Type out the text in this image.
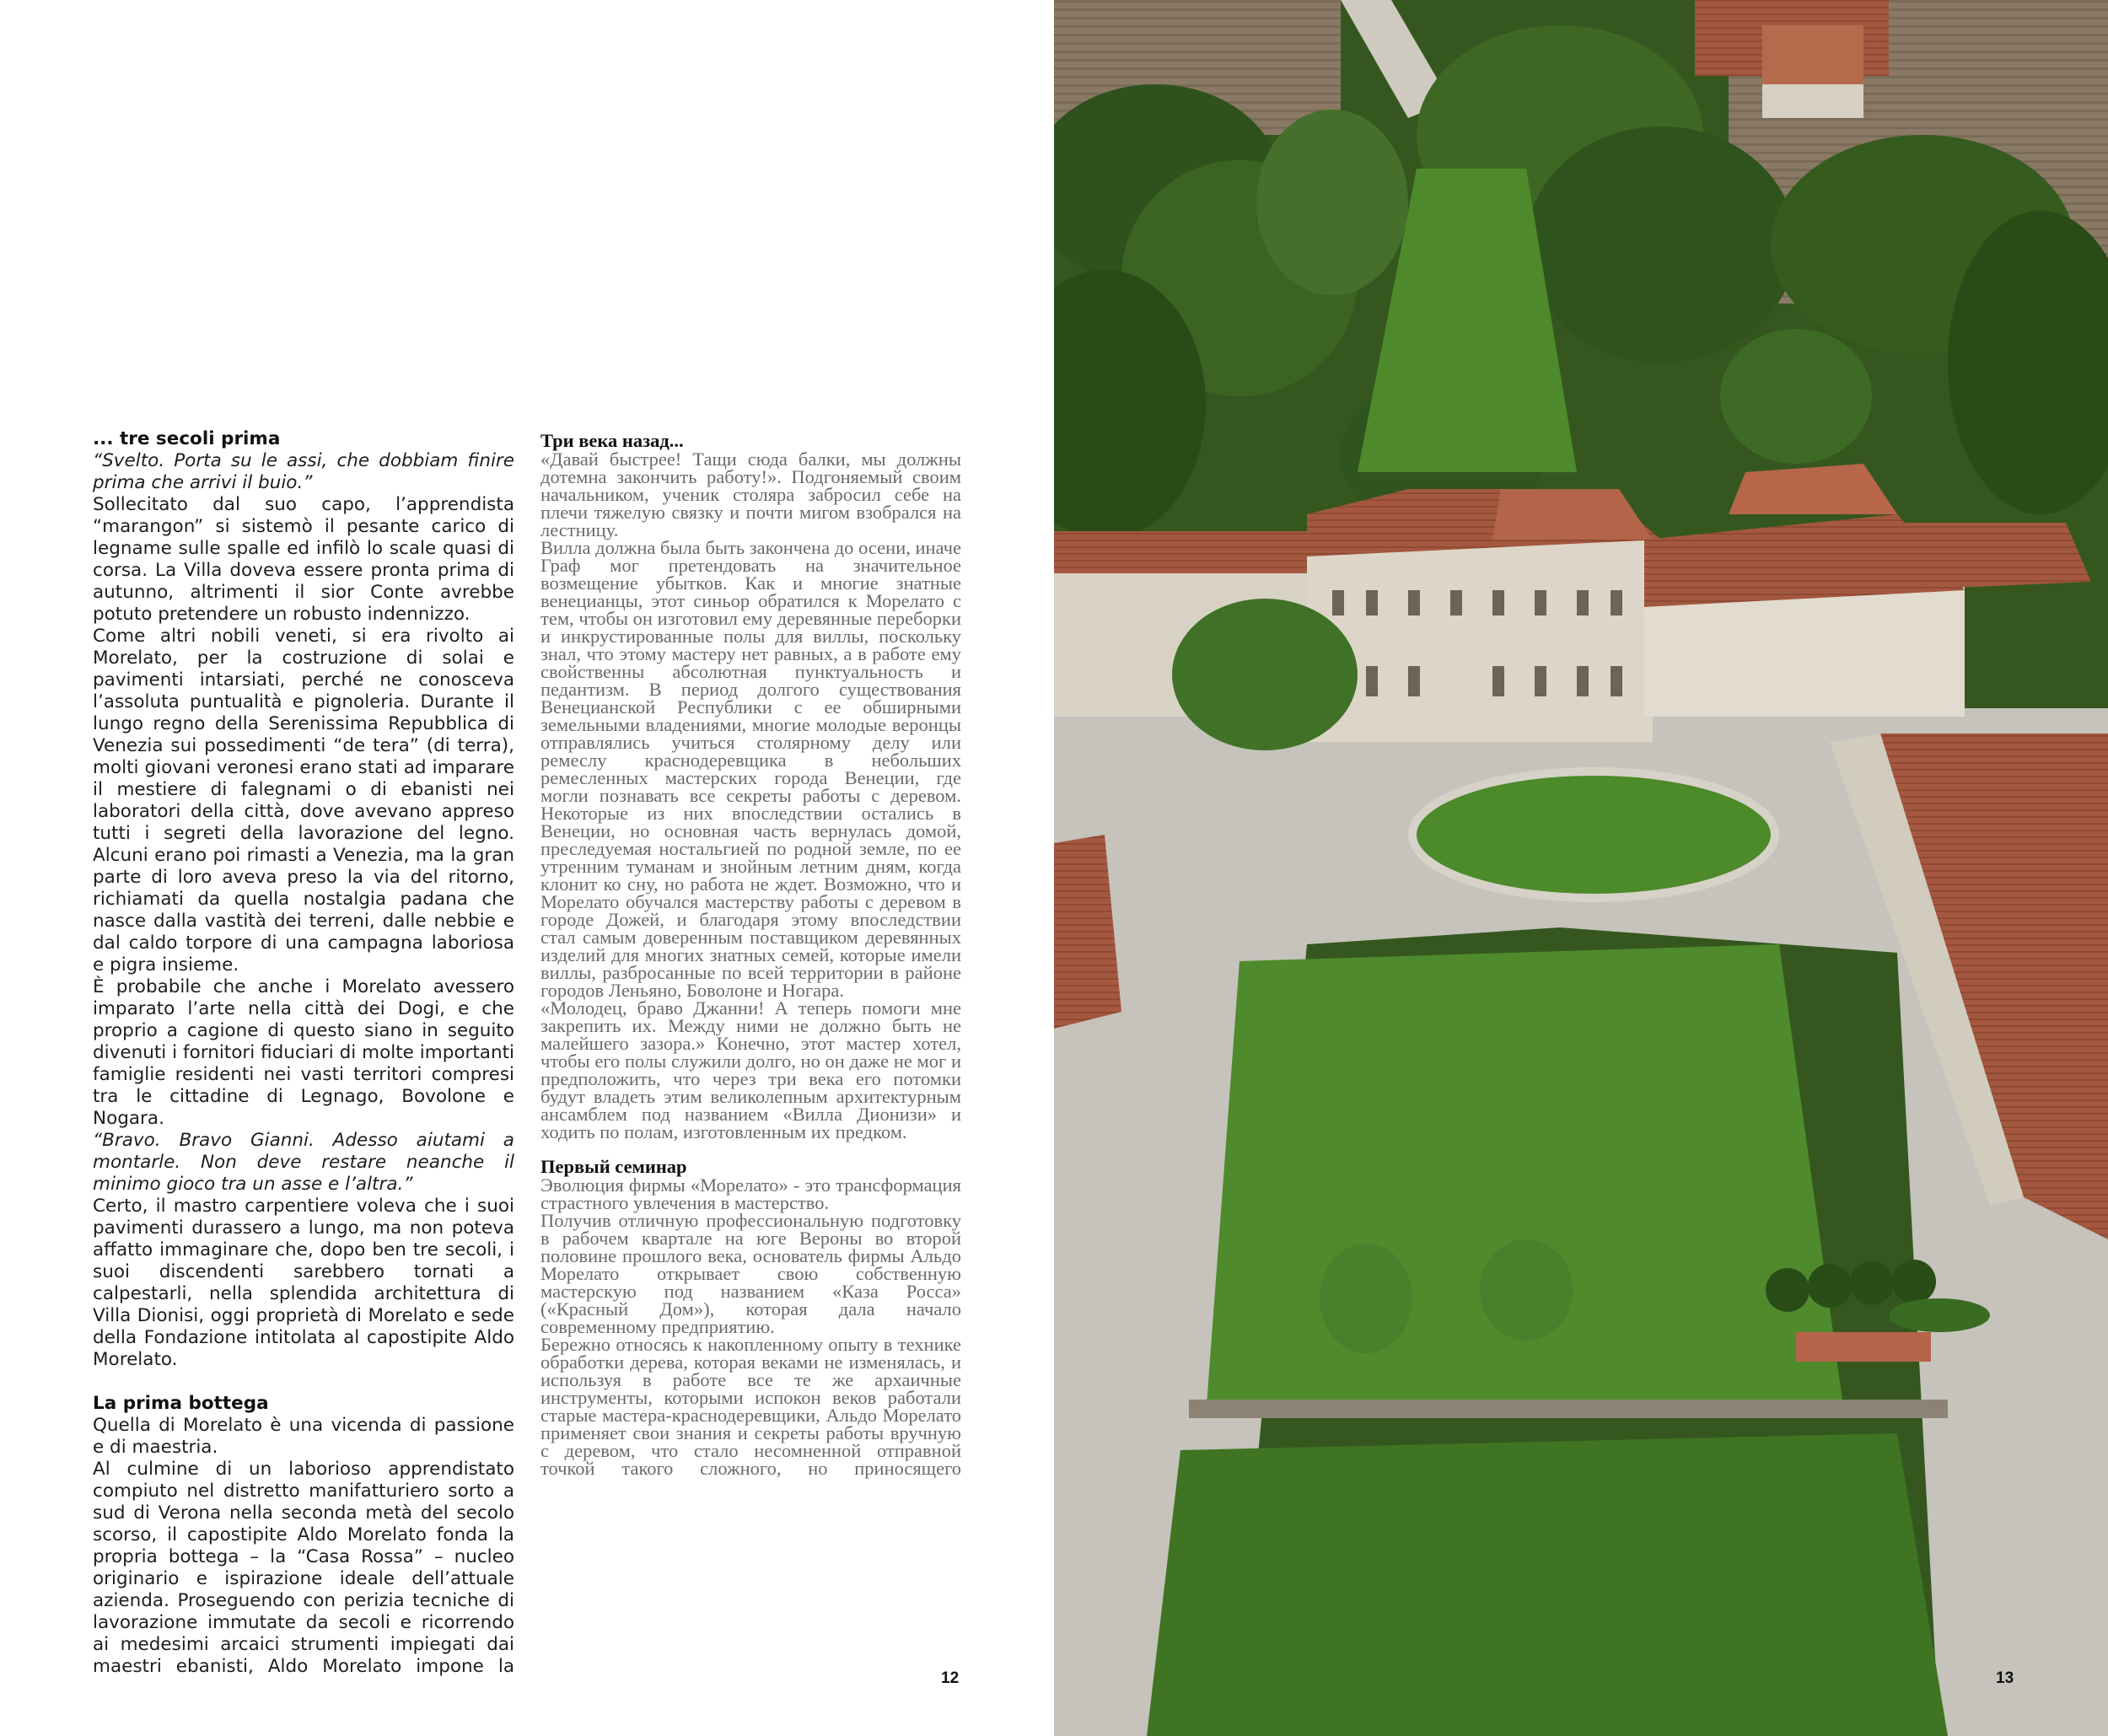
... tre secoli prima

“Svelto. Porta su le assi, che dobbiam finire prima che arrivi il buio.”

Sollecitato dal suo capo, l’apprendista “marangon” si sistemò il pesante carico di legname sulle spalle ed infilò lo scale quasi di corsa. La Villa doveva essere pronta prima di autunno, altrimenti il sior Conte avrebbe potuto pretendere un robusto indennizzo.

Come altri nobili veneti, si era rivolto ai Morelato, per la costruzione di solai e pavimenti intarsiati, perché ne conosceva l’assoluta puntualità e pignoleria. Durante il lungo regno della Serenissima Repubblica di Venezia sui possedimenti “de tera” (di terra), molti giovani veronesi erano stati ad imparare il mestiere di falegnami o di ebanisti nei laboratori della città, dove avevano appreso tutti i segreti della lavorazione del legno. Alcuni erano poi rimasti a Venezia, ma la gran parte di loro aveva preso la via del ritorno, richiamati da quella nostalgia padana che nasce dalla vastità dei terreni, dalle nebbie e dal caldo torpore di una campagna laboriosa e pigra insieme.

È probabile che anche i Morelato avessero imparato l’arte nella città dei Dogi, e che proprio a cagione di questo siano in seguito divenuti i fornitori fiduciari di molte importanti famiglie residenti nei vasti territori compresi tra le cittadine di Legnago, Bovolone e Nogara.

“Bravo. Bravo Gianni. Adesso aiutami a montarle. Non deve restare neanche il minimo gioco tra un asse e l’altra.”

Certo, il mastro carpentiere voleva che i suoi pavimenti durassero a lungo, ma non poteva affatto immaginare che, dopo ben tre secoli, i suoi discendenti sarebbero tornati a calpestarli, nella splendida architettura di Villa Dionisi, oggi proprietà di Morelato e sede della Fondazione intitolata al capostipite Aldo Morelato.

La prima bottega

Quella di Morelato è una vicenda di passione e di maestria.

Al culmine di un laborioso apprendistato compiuto nel distretto manifatturiero sorto a sud di Verona nella seconda metà del secolo scorso, il capostipite Aldo Morelato fonda la propria bottega – la “Casa Rossa” – nucleo originario e ispirazione ideale dell’attuale azienda. Proseguendo con perizia tecniche di lavorazione immutate da secoli e ricorrendo ai medesimi arcaici strumenti impiegati dai maestri ebanisti, Aldo Morelato impone la

Три века назад...

«Давай быстрее! Тащи сюда балки, мы должны дотемна закончить работу!». Подгоняемый своим начальником, ученик столяра забросил себе на плечи тяжелую связку и почти мигом взобрался на лестницу.

Вилла должна была быть закончена до осени, иначе Граф мог претендовать на значительное возмещение убытков. Как и многие знатные венецианцы, этот синьор обратился к Морелато с тем, чтобы он изготовил ему деревянные переборки и инкрустированные полы для виллы, поскольку знал, что этому мастеру нет равных, а в работе ему свойственны абсолютная пунктуальность и педантизм. В период долгого существования Венецианской Республики с ее обширными земельными владениями, многие молодые веронцы отправлялись учиться столярному делу или ремеслу краснодеревщика в небольших ремесленных мастерских города Венеции, где могли познавать все секреты работы с деревом. Некоторые из них впоследствии остались в Венеции, но основная часть вернулась домой, преследуемая ностальгией по родной земле, по ее утренним туманам и знойным летним дням, когда клонит ко сну, но работа не ждет. Возможно, что и Морелато обучался мастерству работы с деревом в городе Дожей, и благодаря этому впоследствии стал самым доверенным поставщиком деревянных изделий для многих знатных семей, которые имели виллы, разбросанные по всей территории в районе городов Леньяно, Боволоне и Ногара.

«Молодец, браво Джанни! А теперь помоги мне закрепить их. Между ними не должно быть не малейшего зазора.» Конечно, этот мастер хотел, чтобы его полы служили долго, но он даже не мог и предположить, что через три века его потомки будут владеть этим великолепным архитектурным ансамблем под названием «Вилла Дионизи» и ходить по полам, изготовленным их предком.

Первый семинар

Эволюция фирмы «Морелато» - это трансформация страстного увлечения в мастерство.

Получив отличную профессиональную подготовку в рабочем квартале на юге Вероны во второй половине прошлого века, основатель фирмы Альдо Морелато открывает свою собственную мастерскую под названием «Каза Росса» («Красный Дом»), которая дала начало современному предприятию.

Бережно относясь к накопленному опыту в технике обработки дерева, которая веками не изменялась, и используя в работе все те же архаичные инструменты, которыми испокон веков работали старые мастера-краснодеревщики, Альдо Морелато применяет свои знания и секреты работы вручную с деревом, что стало несомненной отправной точкой такого сложного, но приносящего

12	13
